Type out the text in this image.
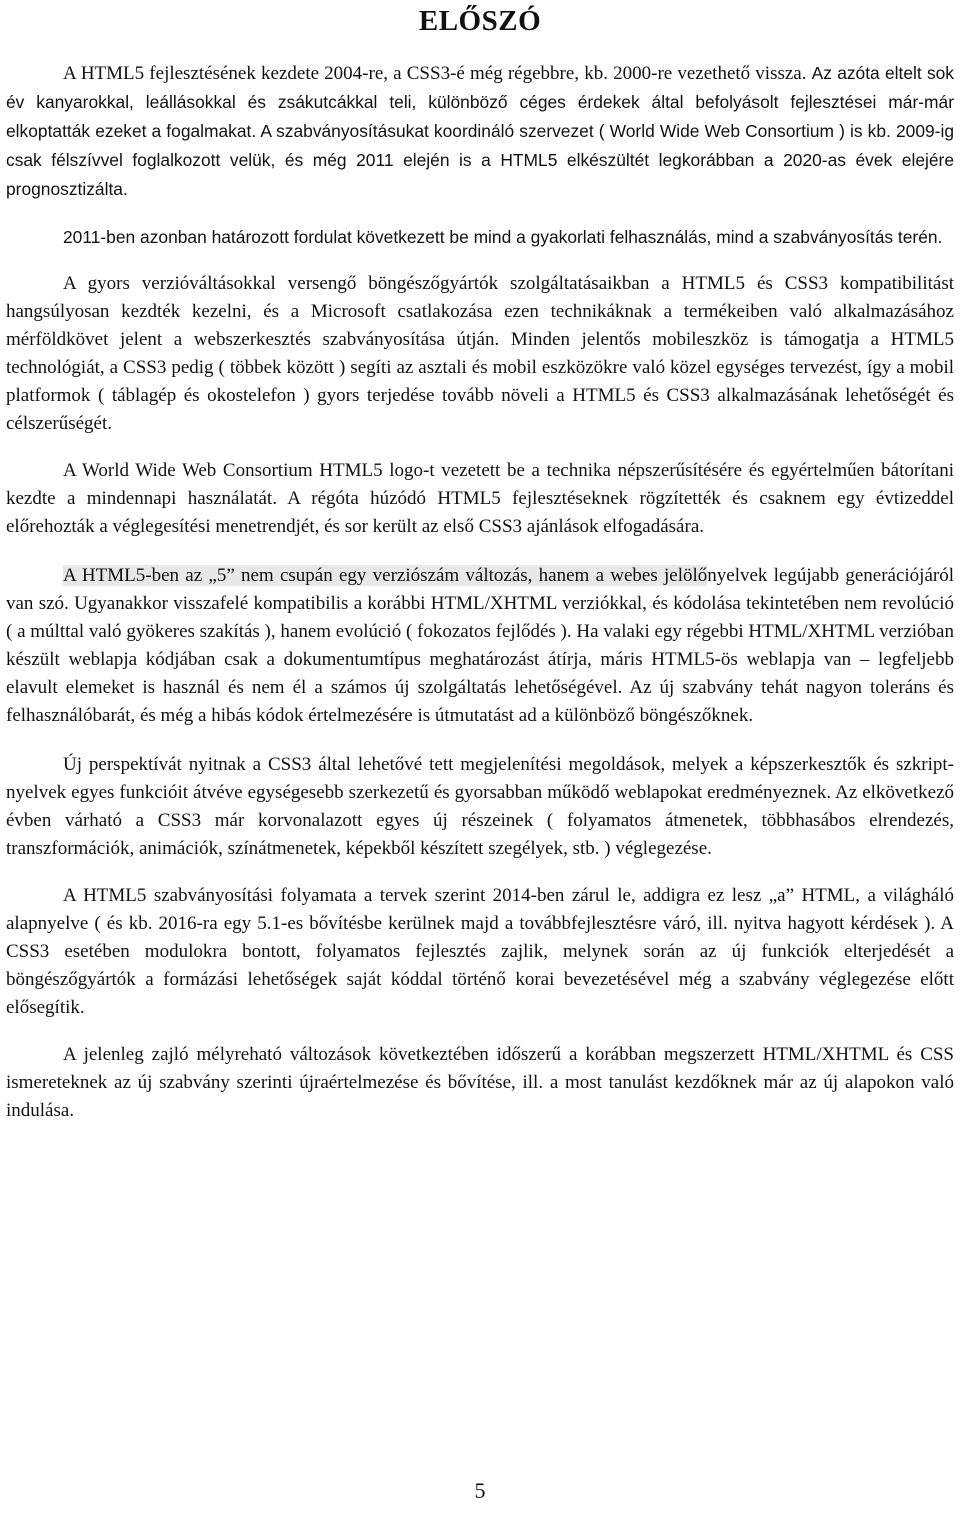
ELŐSZÓ

A HTML5 fejlesztésének kezdete 2004-re, a CSS3-é még régebbre, kb. 2000-re vezethető vissza. Az azóta eltelt sok év kanyarokkal, leállásokkal és zsákutcákkal teli, különböző céges érdekek által befolyásolt fejlesztései már-már elkoptatták ezeket a fogalmakat. A szabványosításukat koordináló szervezet ( World Wide Web Consortium ) is kb. 2009-ig csak félszívvel foglalkozott velük, és még 2011 elején is a HTML5 elkészültét legkorábban a 2020-as évek elejére prognosztizálta.

2011-ben azonban határozott fordulat következett be mind a gyakorlati felhasználás, mind a szabványosítás terén.

A gyors verzióváltásokkal versengő böngészőgyártók szolgáltatásaikban a HTML5 és CSS3 kompatibilitást hangsúlyosan kezdték kezelni, és a Microsoft csatlakozása ezen technikáknak a termékeiben való alkalmazásához mérföldkövet jelent a webszerkesztés szabványosítása útján. Minden jelentős mobileszköz is támogatja a HTML5 technológiát, a CSS3 pedig ( többek között ) segíti az asztali és mobil eszközökre való közel egységes tervezést, így a mobil platformok ( táblagép és okostelefon ) gyors terjedése tovább növeli a HTML5 és CSS3 alkalmazásának lehetőségét és célszerűségét.

A World Wide Web Consortium HTML5 logo-t vezetett be a technika népszerűsítésére és egyértelműen bátorítani kezdte a mindennapi használatát. A régóta húzódó HTML5 fejlesztéseknek rögzítették és csaknem egy évtizeddel előrehozták a véglegesítési menetrendjét, és sor került az első CSS3 ajánlások elfogadására.

A HTML5-ben az „5” nem csupán egy verziószám változás, hanem a webes jelölőnyelvek legújabb generációjáról van szó. Ugyanakkor visszafelé kompatibilis a korábbi HTML/XHTML verziókkal, és kódolása tekintetében nem revolúció ( a múlttal való gyökeres szakítás ), hanem evolúció ( fokozatos fejlődés ). Ha valaki egy régebbi HTML/XHTML verzióban készült weblapja kódjában csak a dokumentumtípus meghatározást átírja, máris HTML5-ös weblapja van – legfeljebb elavult elemeket is használ és nem él a számos új szolgáltatás lehetőségével. Az új szabvány tehát nagyon toleráns és felhasználóbarát, és még a hibás kódok értelmezésére is útmutatást ad a különböző böngészőknek.

Új perspektívát nyitnak a CSS3 által lehetővé tett megjelenítési megoldások, melyek a képszerkesztők és szkript-nyelvek egyes funkcióit átvéve egységesebb szerkezetű és gyorsabban működő weblapokat eredményeznek. Az elkövetkező évben várható a CSS3 már korvonalazott egyes új részeinek ( folyamatos átmenetek, többhasábos elrendezés, transzformációk, animációk, színátmenetek, képekből készített szegélyek, stb. ) véglegezése.

A HTML5 szabványosítási folyamata a tervek szerint 2014-ben zárul le, addigra ez lesz „a” HTML, a világháló alapnyelve ( és kb. 2016-ra egy 5.1-es bővítésbe kerülnek majd a továbbfejlesztésre váró, ill. nyitva hagyott kérdések ). A CSS3 esetében modulokra bontott, folyamatos fejlesztés zajlik, melynek során az új funkciók elterjedését a böngészőgyártók a formázási lehetőségek saját kóddal történő korai bevezetésével még a szabvány véglegezése előtt elősegítik.

A jelenleg zajló mélyreható változások következtében időszerű a korábban megszerzett HTML/XHTML és CSS ismereteknek az új szabvány szerinti újraértelmezése és bővítése, ill. a most tanulást kezdőknek már az új alapokon való indulása.

5
